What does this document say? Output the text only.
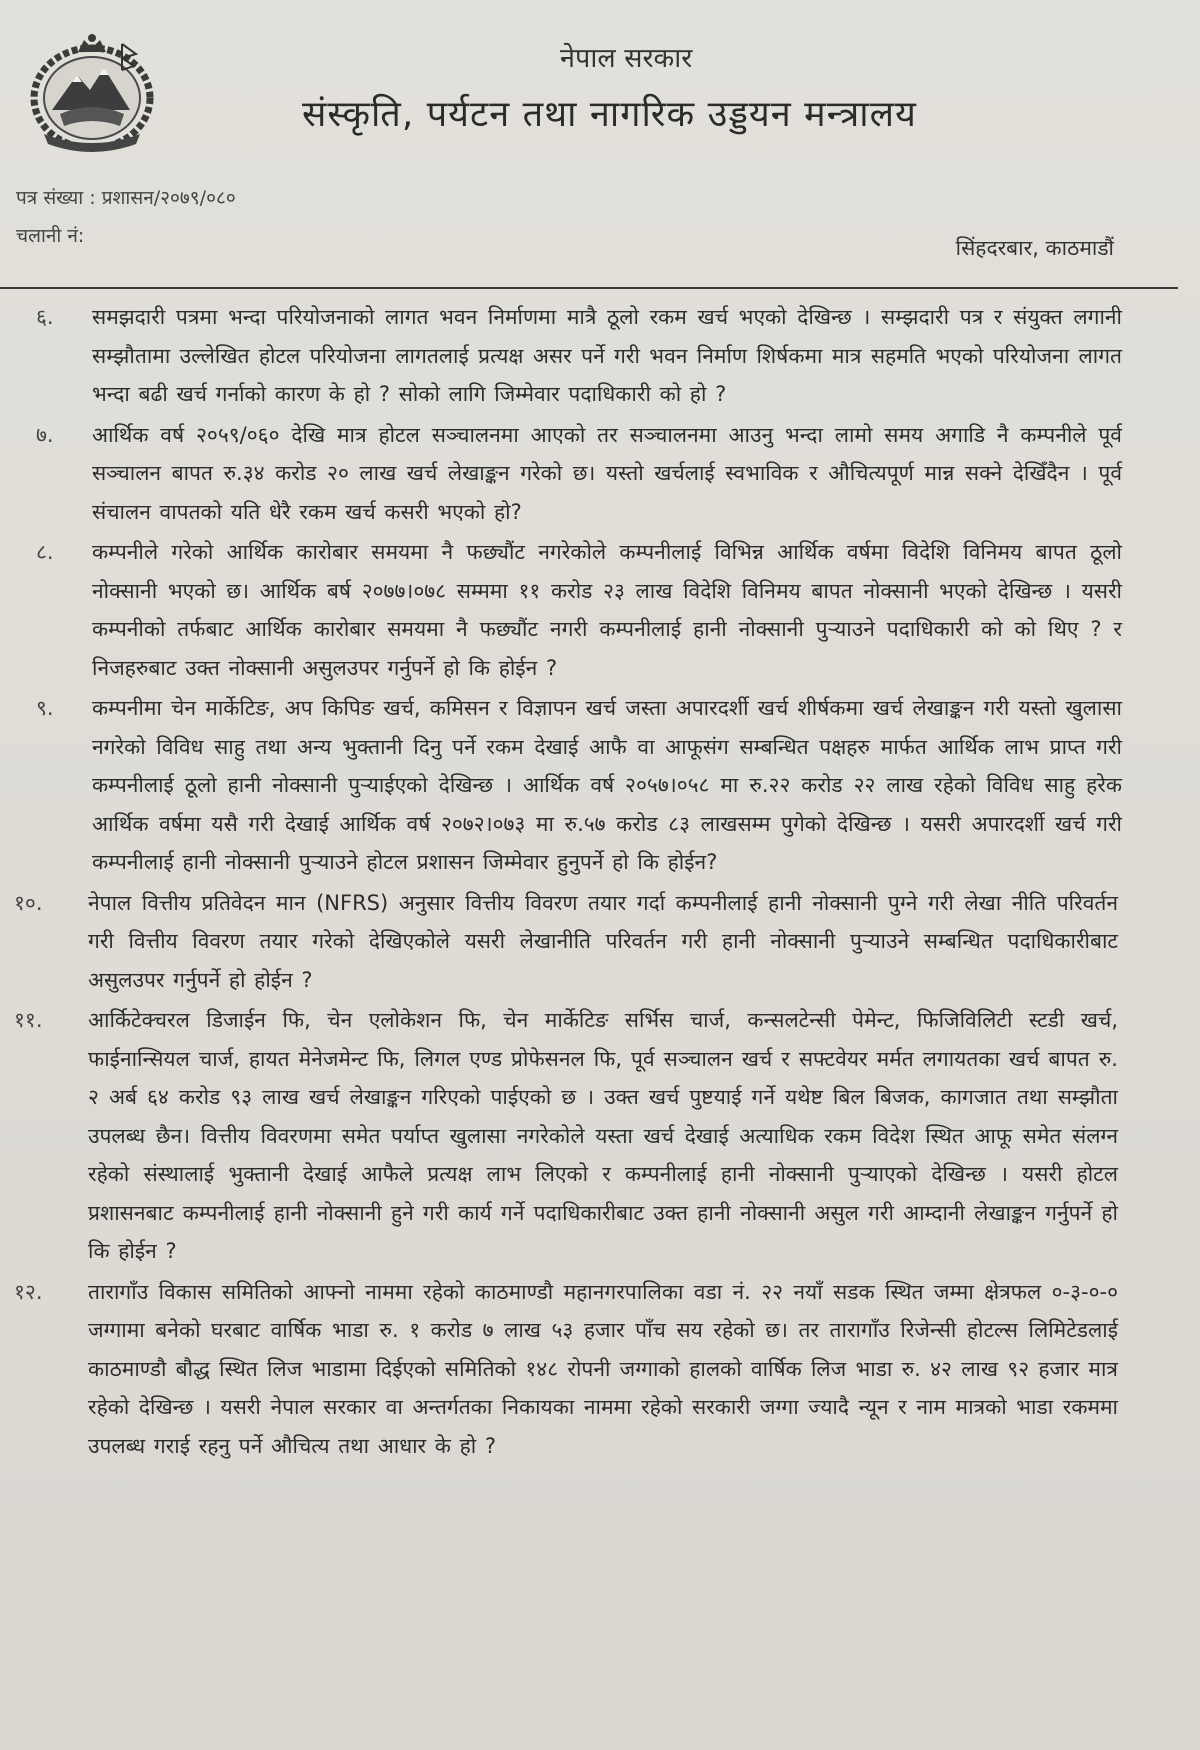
नेपाल सरकार
संस्कृति, पर्यटन तथा नागरिक उड्डयन मन्त्रालय
पत्र संख्या : प्रशासन/२०७९/०८०
चलानी नं:	सिंहदरबार, काठमाडौं
६.	समझदारी पत्रमा भन्दा परियोजनाको लागत भवन निर्माणमा मात्रै ठूलो रकम खर्च भएको देखिन्छ । सम्झदारी पत्र र संयुक्त लगानी सम्झौतामा उल्लेखित होटल परियोजना लागतलाई प्रत्यक्ष असर पर्ने गरी भवन निर्माण शिर्षकमा मात्र सहमति भएको परियोजना लागत भन्दा बढी खर्च गर्नाको कारण के हो ? सोको लागि जिम्मेवार पदाधिकारी को हो ?
७.	आर्थिक वर्ष २०५९/०६० देखि मात्र होटल सञ्चालनमा आएको तर सञ्चालनमा आउनु भन्दा लामो समय अगाडि नै कम्पनीले पूर्व सञ्चालन बापत रु.३४ करोड २० लाख खर्च लेखाङ्कन गरेको छ। यस्तो खर्चलाई स्वभाविक र औचित्यपूर्ण मान्न सक्ने देखिँदैन । पूर्व संचालन वापतको यति धेरै रकम खर्च कसरी भएको हो?
८.	कम्पनीले गरेको आर्थिक कारोबार समयमा नै फछ्यौंट नगरेकोले कम्पनीलाई विभिन्न आर्थिक वर्षमा विदेशि विनिमय बापत ठूलो नोक्सानी भएको छ। आर्थिक बर्ष २०७७।०७८ सम्ममा ११ करोड २३ लाख विदेशि विनिमय बापत नोक्सानी भएको देखिन्छ । यसरी कम्पनीको तर्फबाट आर्थिक कारोबार समयमा नै फछ्यौंट नगरी कम्पनीलाई हानी नोक्सानी पुऱ्याउने पदाधिकारी को को थिए ? र निजहरुबाट उक्त नोक्सानी असुलउपर गर्नुपर्ने हो कि होईन ?
९.	कम्पनीमा चेन मार्केटिङ, अप किपिङ खर्च, कमिसन र विज्ञापन खर्च जस्ता अपारदर्शी खर्च शीर्षकमा खर्च लेखाङ्कन गरी यस्तो खुलासा नगरेको विविध साहु तथा अन्य भुक्तानी दिनु पर्ने रकम देखाई आफै वा आफूसंग सम्बन्धित पक्षहरु मार्फत आर्थिक लाभ प्राप्त गरी कम्पनीलाई ठूलो हानी नोक्सानी पुऱ्याईएको देखिन्छ । आर्थिक वर्ष २०५७।०५८ मा रु.२२ करोड २२ लाख रहेको विविध साहु हरेक आर्थिक वर्षमा यसै गरी देखाई आर्थिक वर्ष २०७२।०७३ मा रु.५७ करोड ८३ लाखसम्म पुगेको देखिन्छ । यसरी अपारदर्शी खर्च गरी कम्पनीलाई हानी नोक्सानी पुऱ्याउने होटल प्रशासन जिम्मेवार हुनुपर्ने हो कि होईन?
१०.	नेपाल वित्तीय प्रतिवेदन मान (NFRS) अनुसार वित्तीय विवरण तयार गर्दा कम्पनीलाई हानी नोक्सानी पुग्ने गरी लेखा नीति परिवर्तन गरी वित्तीय विवरण तयार गरेको देखिएकोले यसरी लेखानीति परिवर्तन गरी हानी नोक्सानी पुऱ्याउने सम्बन्धित पदाधिकारीबाट असुलउपर गर्नुपर्ने हो होईन ?
११.	आर्किटेक्चरल डिजाईन फि, चेन एलोकेशन फि, चेन मार्केटिङ सर्भिस चार्ज, कन्सलटेन्सी पेमेन्ट, फिजिविलिटी स्टडी खर्च, फाईनान्सियल चार्ज, हायत मेनेजमेन्ट फि, लिगल एण्ड प्रोफेसनल फि, पूर्व सञ्चालन खर्च र सफ्टवेयर मर्मत लगायतका खर्च बापत रु. २ अर्ब ६४ करोड ९३ लाख खर्च लेखाङ्कन गरिएको पाईएको छ । उक्त खर्च पुष्टयाई गर्ने यथेष्ट बिल बिजक, कागजात तथा सम्झौता उपलब्ध छैन। वित्तीय विवरणमा समेत पर्याप्त खुलासा नगरेकोले यस्ता खर्च देखाई अत्याधिक रकम विदेश स्थित आफू समेत संलग्न रहेको संस्थालाई भुक्तानी देखाई आफैले प्रत्यक्ष लाभ लिएको र कम्पनीलाई हानी नोक्सानी पुऱ्याएको देखिन्छ । यसरी होटल प्रशासनबाट कम्पनीलाई हानी नोक्सानी हुने गरी कार्य गर्ने पदाधिकारीबाट उक्त हानी नोक्सानी असुल गरी आम्दानी लेखाङ्कन गर्नुपर्ने हो कि होईन ?
१२.	तारागाँउ विकास समितिको आफ्नो नाममा रहेको काठमाण्डौ महानगरपालिका वडा नं. २२ नयाँ सडक स्थित जम्मा क्षेत्रफल ०-३-०-० जग्गामा बनेको घरबाट वार्षिक भाडा रु. १ करोड ७ लाख ५३ हजार पाँच सय रहेको छ। तर तारागाँउ रिजेन्सी होटल्स लिमिटेडलाई काठमाण्डौ बौद्ध स्थित लिज भाडामा दिईएको समितिको १४८ रोपनी जग्गाको हालको वार्षिक लिज भाडा रु. ४२ लाख ९२ हजार मात्र रहेको देखिन्छ । यसरी नेपाल सरकार वा अन्तर्गतका निकायका नाममा रहेको सरकारी जग्गा ज्यादै न्यून र नाम मात्रको भाडा रकममा उपलब्ध गराई रहनु पर्ने औचित्य तथा आधार के हो ?
